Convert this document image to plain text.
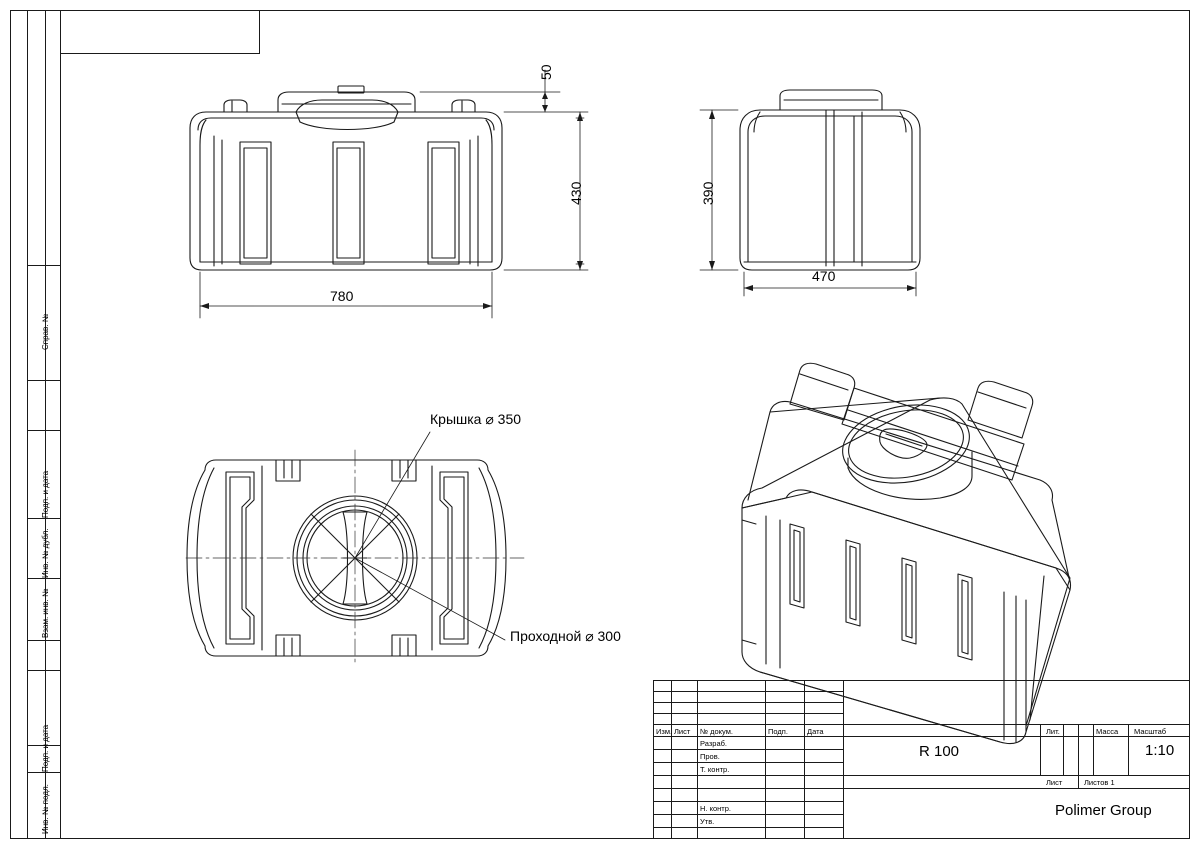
Справ. №
Подп. и дата
Инв. № дубл.
Взам. инв. №
Подп. и дата
Инв. № подл.
430
50
780
390
470
Крышка ⌀ 350
Проходной ⌀ 300
Изм. Лист № докум.	Подп.	Дата
Разраб.
Пров.
Т. контр.
Н. контр.
Утв.
Лит.	Масса Масштаб
Лист	Листов 1
R 100	1:10
Polimer Group
